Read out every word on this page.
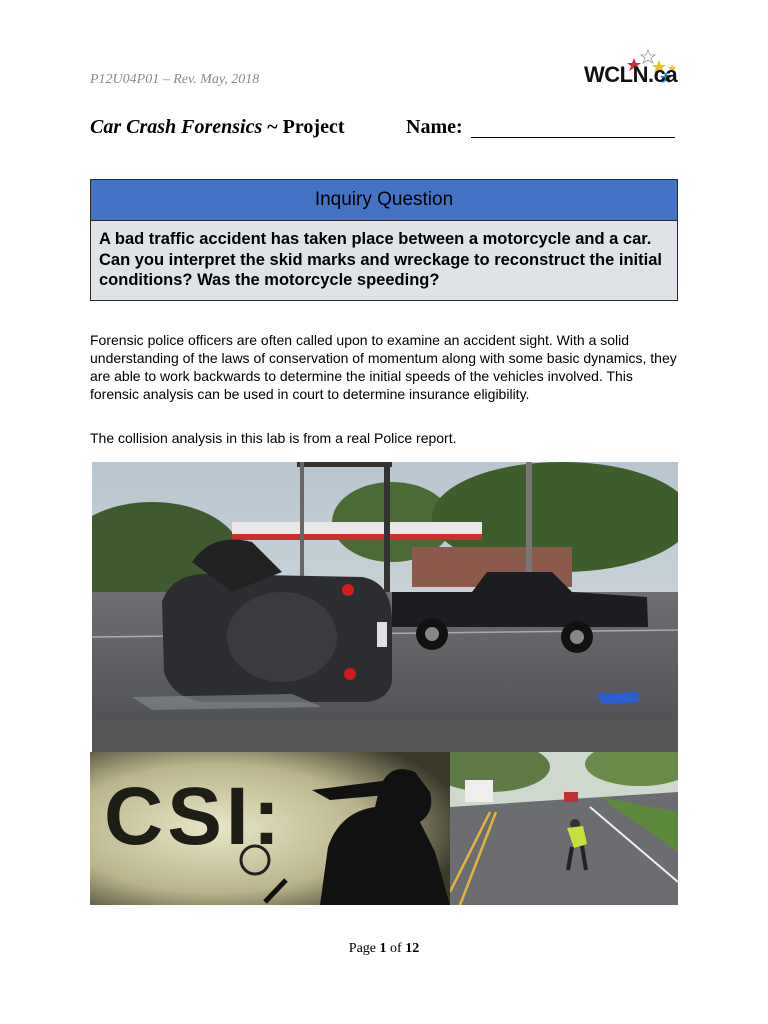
P12U04P01 – Rev. May, 2018	WCLN.ca
Car Crash Forensics ~ Project	Name:
Inquiry Question
A bad traffic accident has taken place between a motorcycle and a car. Can you interpret the skid marks and wreckage to reconstruct the initial conditions? Was the motorcycle speeding?
Forensic police officers are often called upon to examine an accident sight. With a solid understanding of the laws of conservation of momentum along with some basic dynamics, they are able to work backwards to determine the initial speeds of the vehicles involved. This forensic analysis can be used in court to determine insurance eligibility.
The collision analysis in this lab is from a real Police report.
CSI:
Page 1 of 12
